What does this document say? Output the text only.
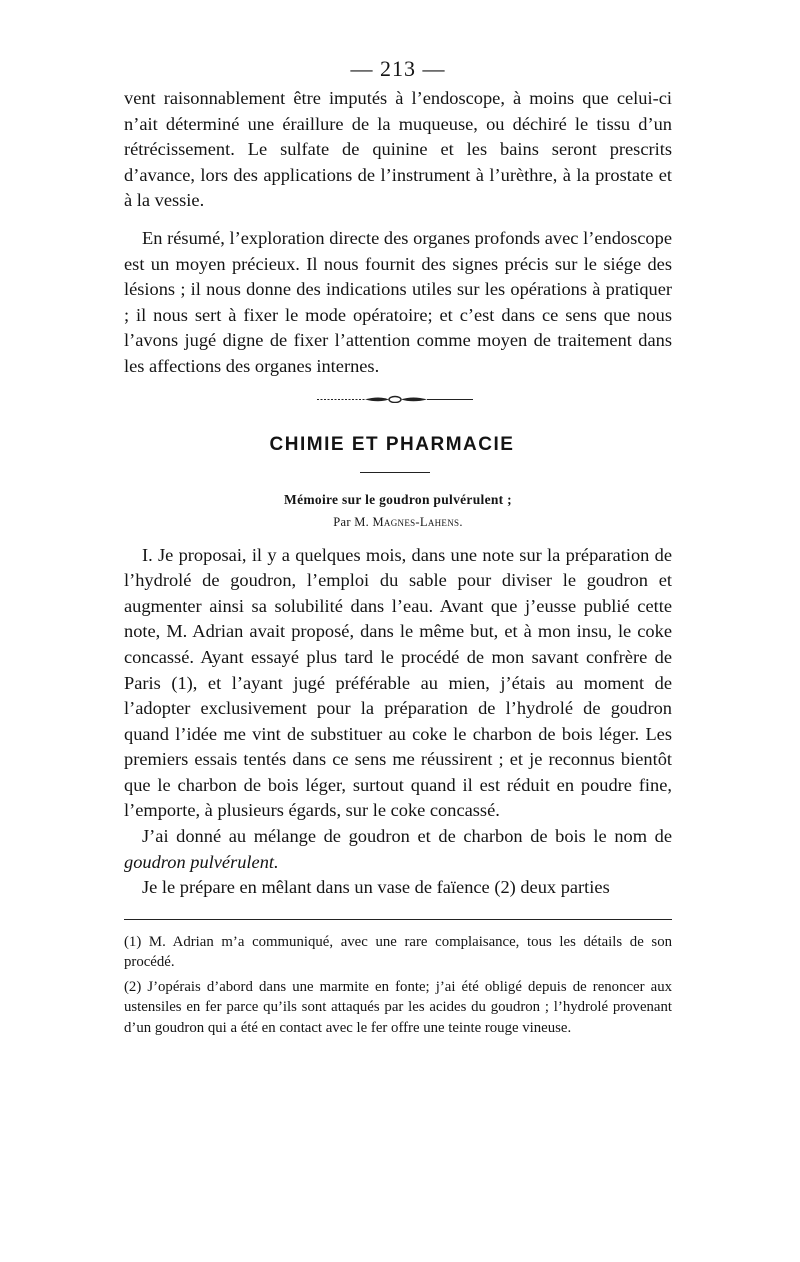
— 213 —

vent raisonnablement être imputés à l’endoscope, à moins que celui-ci n’ait déterminé une éraillure de la muqueuse, ou déchiré le tissu d’un rétrécissement. Le sulfate de quinine et les bains seront prescrits d’avance, lors des applications de l’instrument à l’urèthre, à la prostate et à la vessie.

En résumé, l’exploration directe des organes profonds avec l’endoscope est un moyen précieux. Il nous fournit des signes précis sur le siége des lésions ; il nous donne des indications utiles sur les opérations à pratiquer ; il nous sert à fixer le mode opératoire; et c’est dans ce sens que nous l’avons jugé digne de fixer l’attention comme moyen de traitement dans les affections des organes internes.

CHIMIE ET PHARMACIE
Mémoire sur le goudron pulvérulent ;
Par M. Magnes-Lahens.

I. Je proposai, il y a quelques mois, dans une note sur la préparation de l’hydrolé de goudron, l’emploi du sable pour diviser le goudron et augmenter ainsi sa solubilité dans l’eau. Avant que j’eusse publié cette note, M. Adrian avait proposé, dans le même but, et à mon insu, le coke concassé. Ayant essayé plus tard le procédé de mon savant confrère de Paris (1), et l’ayant jugé préférable au mien, j’étais au moment de l’adopter exclusivement pour la préparation de l’hydrolé de goudron quand l’idée me vint de substituer au coke le charbon de bois léger. Les premiers essais tentés dans ce sens me réussirent ; et je reconnus bientôt que le charbon de bois léger, surtout quand il est réduit en poudre fine, l’emporte, à plusieurs égards, sur le coke concassé.

J’ai donné au mélange de goudron et de charbon de bois le nom de goudron pulvérulent.

Je le prépare en mêlant dans un vase de faïence (2) deux parties

(1) M. Adrian m’a communiqué, avec une rare complaisance, tous les détails de son procédé.

(2) J’opérais d’abord dans une marmite en fonte; j’ai été obligé depuis de renoncer aux ustensiles en fer parce qu’ils sont attaqués par les acides du goudron ; l’hydrolé provenant d’un goudron qui a été en contact avec le fer offre une teinte rouge vineuse.
